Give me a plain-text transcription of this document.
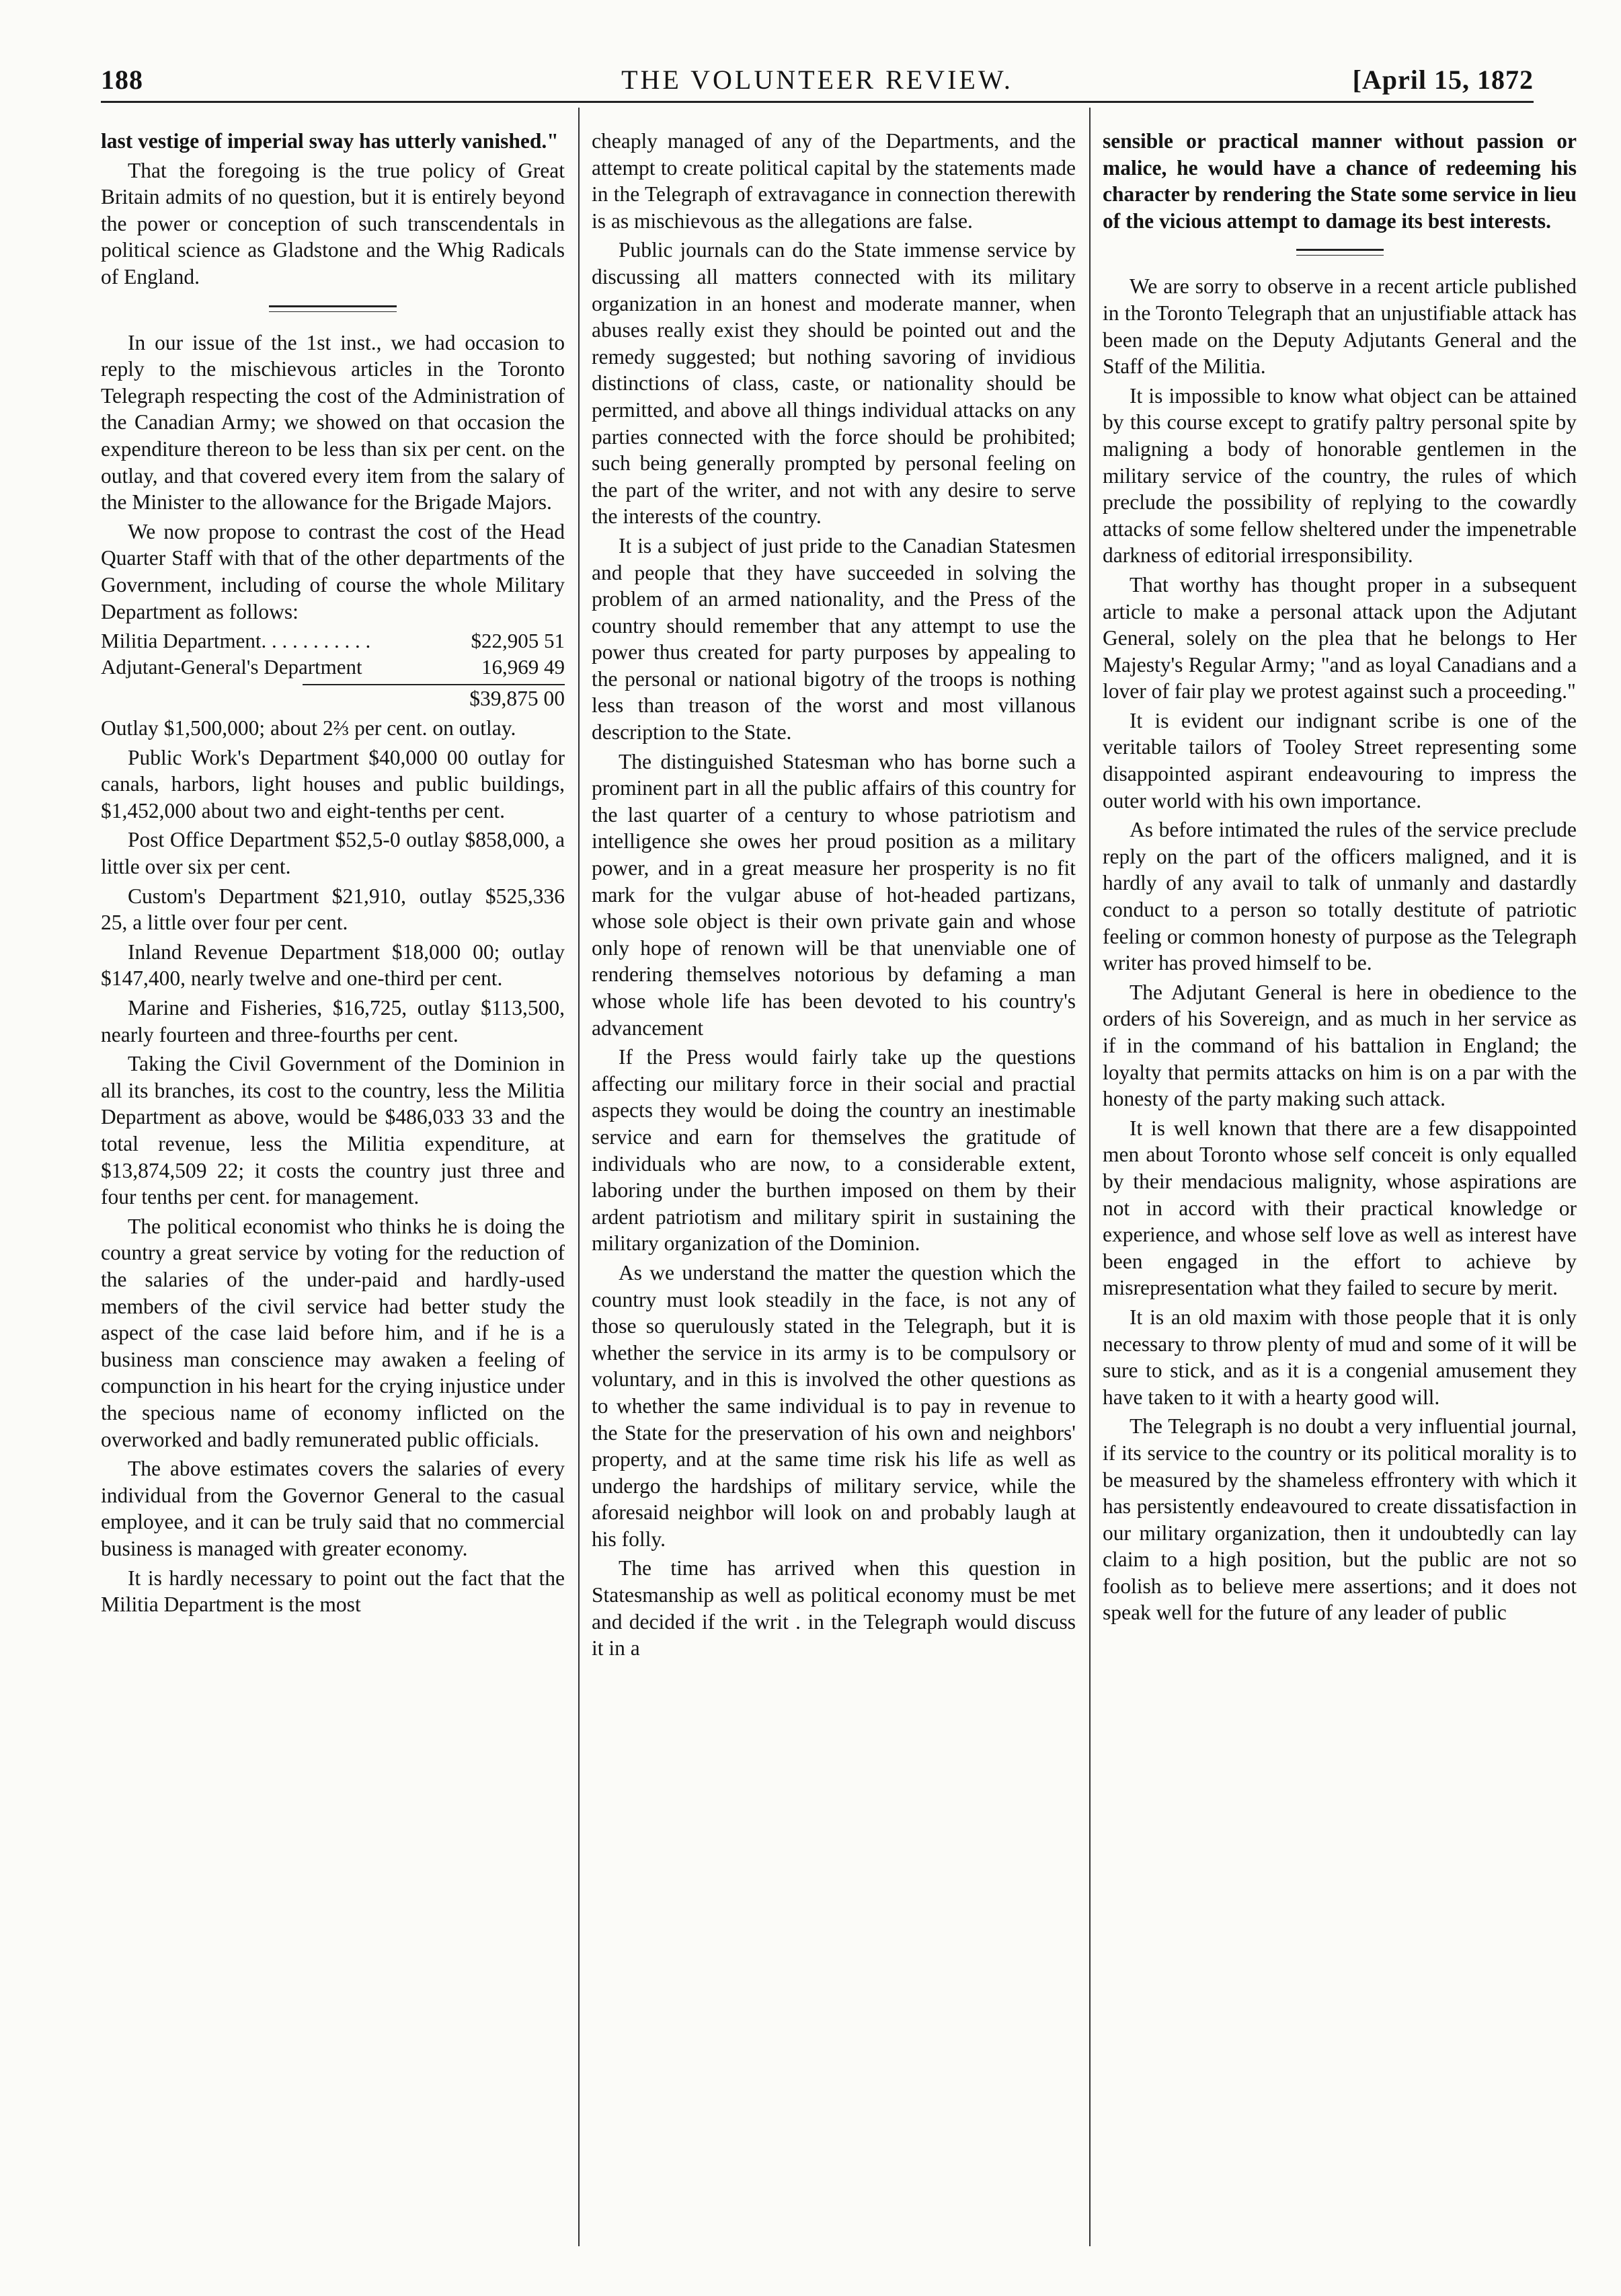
188	THE VOLUNTEER REVIEW.	[April 15, 1872

last vestige of imperial sway has utterly vanished."

That the foregoing is the true policy of Great Britain admits of no question, but it is entirely beyond the power or conception of such transcendentals in political science as Gladstone and the Whig Radicals of England.

In our issue of the 1st inst., we had occasion to reply to the mischievous articles in the Toronto Telegraph respecting the cost of the Administration of the Canadian Army; we showed on that occasion the expenditure thereon to be less than six per cent. on the outlay, and that covered every item from the salary of the Minister to the allowance for the Brigade Majors.

We now propose to contrast the cost of the Head Quarter Staff with that of the other departments of the Government, including of course the whole Military Department as follows:

Militia Department. . . . . . . . . . .	$22,905 51
Adjutant-General's Department	16,969 49
$39,875 00

Outlay $1,500,000; about 2⅔ per cent. on outlay.

Public Work's Department $40,000 00 outlay for canals, harbors, light houses and public buildings, $1,452,000 about two and eight-tenths per cent.

Post Office Department $52,5-0 outlay $858,000, a little over six per cent.

Custom's Department $21,910, outlay $525,336 25, a little over four per cent.

Inland Revenue Department $18,000 00; outlay $147,400, nearly twelve and one-third per cent.

Marine and Fisheries, $16,725, outlay $113,500, nearly fourteen and three-fourths per cent.

Taking the Civil Government of the Dominion in all its branches, its cost to the country, less the Militia Department as above, would be $486,033 33 and the total revenue, less the Militia expenditure, at $13,874,509 22; it costs the country just three and four tenths per cent. for management.

The political economist who thinks he is doing the country a great service by voting for the reduction of the salaries of the under-paid and hardly-used members of the civil service had better study the aspect of the case laid before him, and if he is a business man conscience may awaken a feeling of compunction in his heart for the crying injustice under the specious name of economy inflicted on the overworked and badly remunerated public officials.

The above estimates covers the salaries of every individual from the Governor General to the casual employee, and it can be truly said that no commercial business is managed with greater economy.

It is hardly necessary to point out the fact that the Militia Department is the most

cheaply managed of any of the Departments, and the attempt to create political capital by the statements made in the Telegraph of extravagance in connection therewith is as mischievous as the allegations are false.

Public journals can do the State immense service by discussing all matters connected with its military organization in an honest and moderate manner, when abuses really exist they should be pointed out and the remedy suggested; but nothing savoring of invidious distinctions of class, caste, or nationality should be permitted, and above all things individual attacks on any parties connected with the force should be prohibited; such being generally prompted by personal feeling on the part of the writer, and not with any desire to serve the interests of the country.

It is a subject of just pride to the Canadian Statesmen and people that they have succeeded in solving the problem of an armed nationality, and the Press of the country should remember that any attempt to use the power thus created for party purposes by appealing to the personal or national bigotry of the troops is nothing less than treason of the worst and most villanous description to the State.

The distinguished Statesman who has borne such a prominent part in all the public affairs of this country for the last quarter of a century to whose patriotism and intelligence she owes her proud position as a military power, and in a great measure her prosperity is no fit mark for the vulgar abuse of hot-headed partizans, whose sole object is their own private gain and whose only hope of renown will be that unenviable one of rendering themselves notorious by defaming a man whose whole life has been devoted to his country's advancement

If the Press would fairly take up the questions affecting our military force in their social and practial aspects they would be doing the country an inestimable service and earn for themselves the gratitude of individuals who are now, to a considerable extent, laboring under the burthen imposed on them by their ardent patriotism and military spirit in sustaining the military organization of the Dominion.

As we understand the matter the question which the country must look steadily in the face, is not any of those so querulously stated in the Telegraph, but it is whether the service in its army is to be compulsory or voluntary, and in this is involved the other questions as to whether the same individual is to pay in revenue to the State for the preservation of his own and neighbors' property, and at the same time risk his life as well as undergo the hardships of military service, while the aforesaid neighbor will look on and probably laugh at his folly.

The time has arrived when this question in Statesmanship as well as political economy must be met and decided if the writ . in the Telegraph would discuss it in a

sensible or practical manner without passion or malice, he would have a chance of redeeming his character by rendering the State some service in lieu of the vicious attempt to damage its best interests.

We are sorry to observe in a recent article published in the Toronto Telegraph that an unjustifiable attack has been made on the Deputy Adjutants General and the Staff of the Militia.

It is impossible to know what object can be attained by this course except to gratify paltry personal spite by maligning a body of honorable gentlemen in the military service of the country, the rules of which preclude the possibility of replying to the cowardly attacks of some fellow sheltered under the impenetrable darkness of editorial irresponsibility.

That worthy has thought proper in a subsequent article to make a personal attack upon the Adjutant General, solely on the plea that he belongs to Her Majesty's Regular Army; "and as loyal Canadians and a lover of fair play we protest against such a proceeding."

It is evident our indignant scribe is one of the veritable tailors of Tooley Street representing some disappointed aspirant endeavouring to impress the outer world with his own importance.

As before intimated the rules of the service preclude reply on the part of the officers maligned, and it is hardly of any avail to talk of unmanly and dastardly conduct to a person so totally destitute of patriotic feeling or common honesty of purpose as the Telegraph writer has proved himself to be.

The Adjutant General is here in obedience to the orders of his Sovereign, and as much in her service as if in the command of his battalion in England; the loyalty that permits attacks on him is on a par with the honesty of the party making such attack.

It is well known that there are a few disappointed men about Toronto whose self conceit is only equalled by their mendacious malignity, whose aspirations are not in accord with their practical knowledge or experience, and whose self love as well as interest have been engaged in the effort to achieve by misrepresentation what they failed to secure by merit.

It is an old maxim with those people that it is only necessary to throw plenty of mud and some of it will be sure to stick, and as it is a congenial amusement they have taken to it with a hearty good will.

The Telegraph is no doubt a very influential journal, if its service to the country or its political morality is to be measured by the shameless effrontery with which it has persistently endeavoured to create dissatisfaction in our military organization, then it undoubtedly can lay claim to a high position, but the public are not so foolish as to believe mere assertions; and it does not speak well for the future of any leader of public
